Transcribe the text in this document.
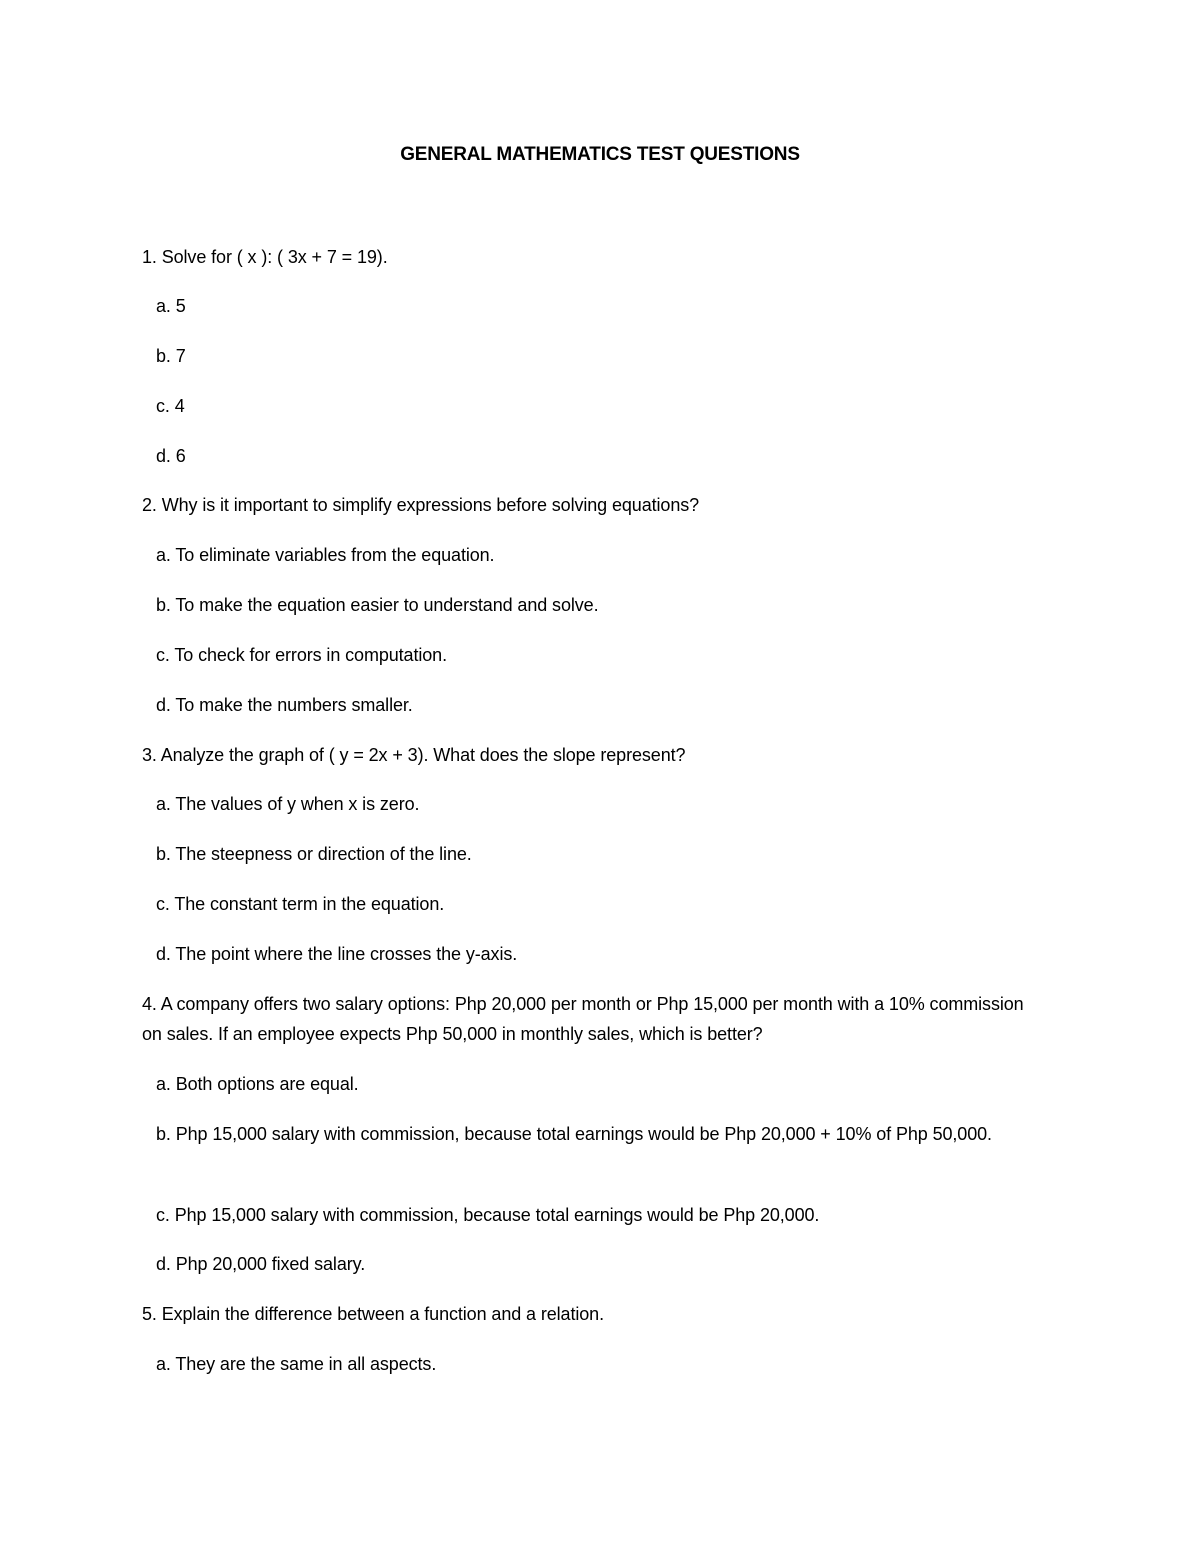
GENERAL MATHEMATICS TEST QUESTIONS
1. Solve for ( x ): ( 3x + 7 = 19).
a. 5
b. 7
c. 4
d. 6
2. Why is it important to simplify expressions before solving equations?
a. To eliminate variables from the equation.
b. To make the equation easier to understand and solve.
c. To check for errors in computation.
d. To make the numbers smaller.
3. Analyze the graph of ( y = 2x + 3). What does the slope represent?
a. The values of y when x is zero.
b. The steepness or direction of the line.
c. The constant term in the equation.
d. The point where the line crosses the y-axis.
4. A company offers two salary options: Php 20,000 per month or Php 15,000 per month with a 10% commission on sales. If an employee expects Php 50,000 in monthly sales, which is better?
a. Both options are equal.
b. Php 15,000 salary with commission, because total earnings would be Php 20,000 + 10% of Php 50,000.
c. Php 15,000 salary with commission, because total earnings would be Php 20,000.
d. Php 20,000 fixed salary.
5. Explain the difference between a function and a relation.
a. They are the same in all aspects.
